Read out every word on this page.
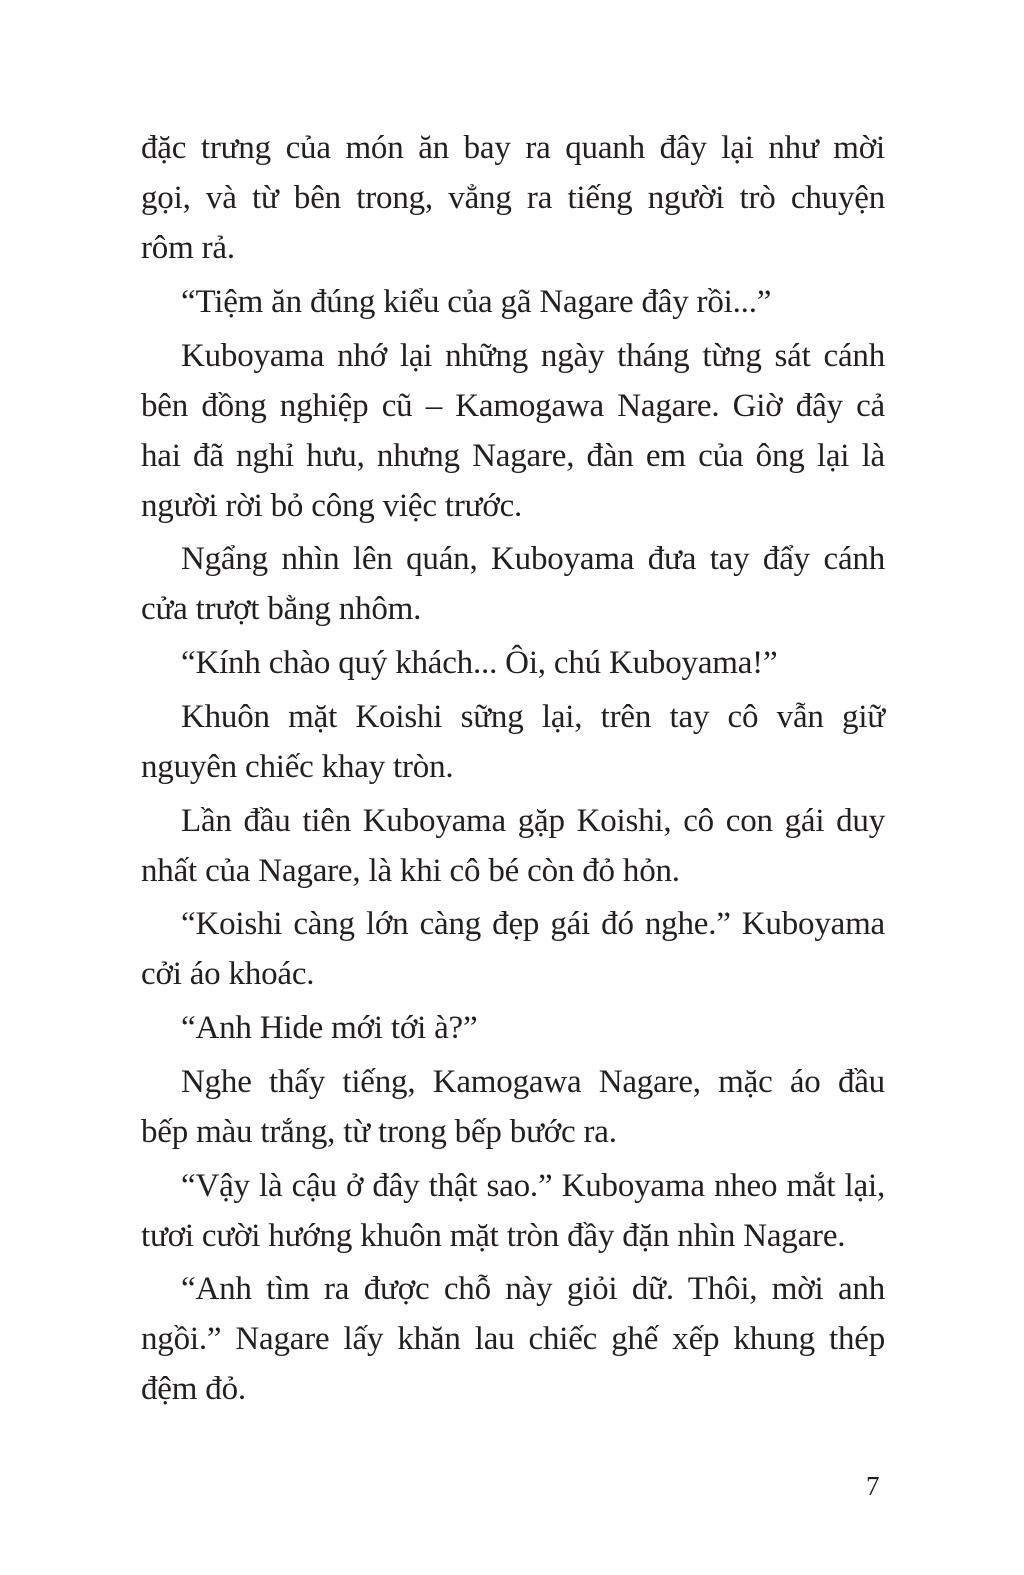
đặc trưng của món ăn bay ra quanh đây lại như mời
gọi, và từ bên trong, vẳng ra tiếng người trò chuyện
rôm rả.
“Tiệm ăn đúng kiểu của gã Nagare đây rồi...”
Kuboyama nhớ lại những ngày tháng từng sát cánh
bên đồng nghiệp cũ – Kamogawa Nagare. Giờ đây cả
hai đã nghỉ hưu, nhưng Nagare, đàn em của ông lại là
người rời bỏ công việc trước.
Ngẩng nhìn lên quán, Kuboyama đưa tay đẩy cánh
cửa trượt bằng nhôm.
“Kính chào quý khách... Ôi, chú Kuboyama!”
Khuôn mặt Koishi sững lại, trên tay cô vẫn giữ
nguyên chiếc khay tròn.
Lần đầu tiên Kuboyama gặp Koishi, cô con gái duy
nhất của Nagare, là khi cô bé còn đỏ hỏn.
“Koishi càng lớn càng đẹp gái đó nghe.” Kuboyama
cởi áo khoác.
“Anh Hide mới tới à?”
Nghe thấy tiếng, Kamogawa Nagare, mặc áo đầu
bếp màu trắng, từ trong bếp bước ra.
“Vậy là cậu ở đây thật sao.” Kuboyama nheo mắt lại,
tươi cười hướng khuôn mặt tròn đầy đặn nhìn Nagare.
“Anh tìm ra được chỗ này giỏi dữ. Thôi, mời anh
ngồi.” Nagare lấy khăn lau chiếc ghế xếp khung thép
đệm đỏ.
7
